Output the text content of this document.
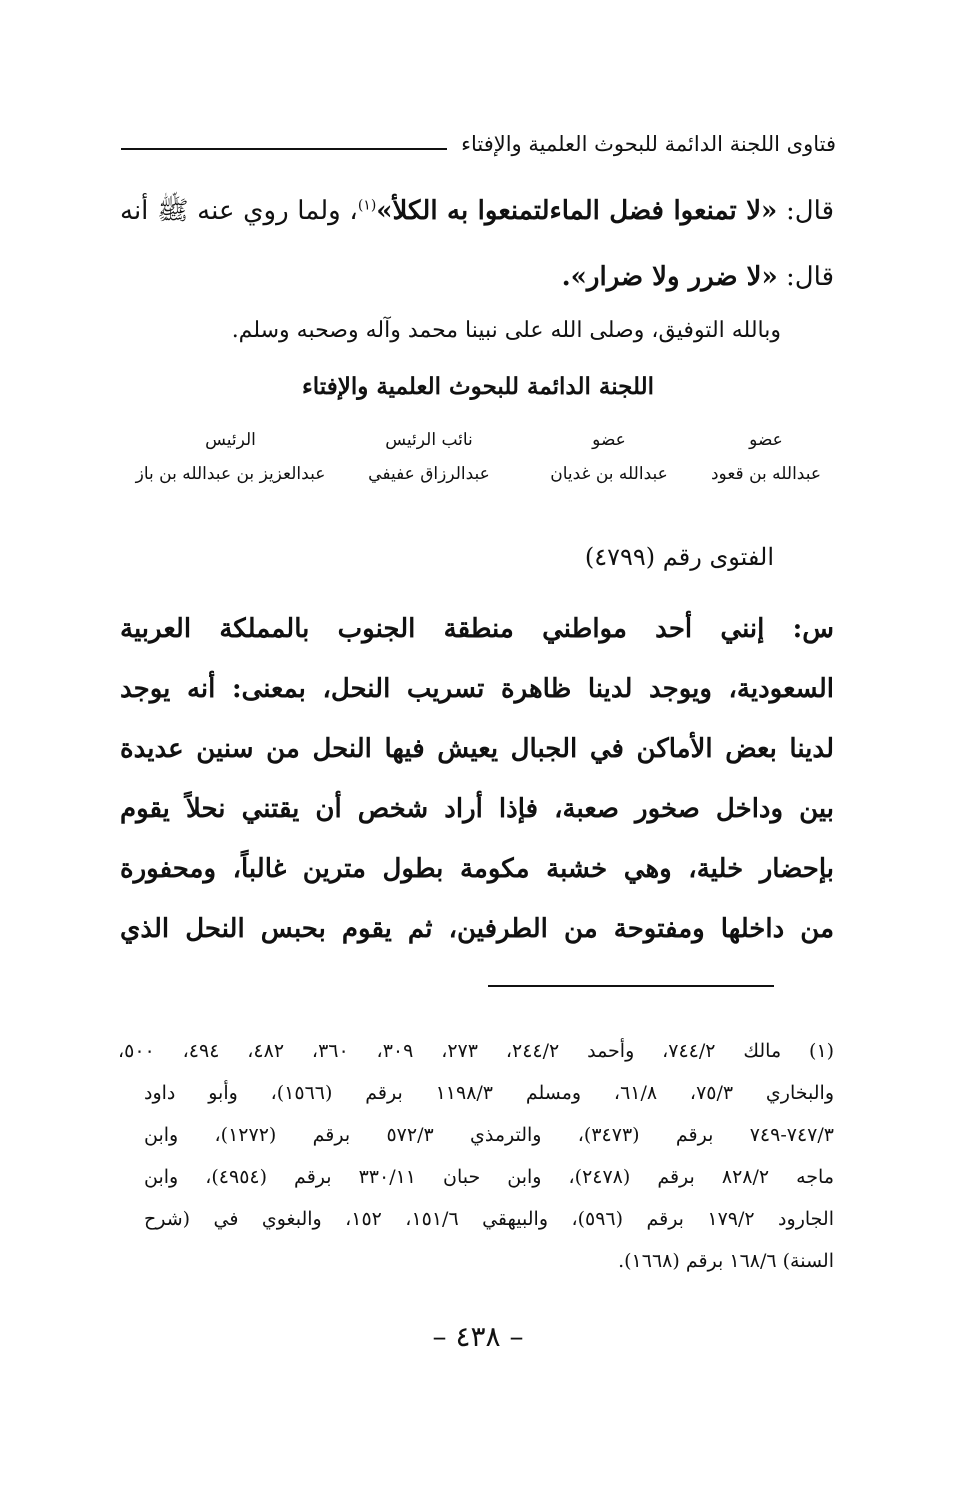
فتاوى اللجنة الدائمة للبحوث العلمية والإفتاء
قال: «لا تمنعوا فضل الماءلتمنعوا به الكلأ»$^{(١)}$، ولما روي عنه ﷺ أنه
قال: «لا ضرر ولا ضرار».
وبالله التوفيق، وصلى الله على نبينا محمد وآله وصحبه وسلم.
اللجنة الدائمة للبحوث العلمية والإفتاء
عضو
عبدالله بن قعود
عضو
عبدالله بن غديان
نائب الرئيس
عبدالرزاق عفيفي
الرئيس
عبدالعزيز بن عبدالله بن باز
الفتوى رقم (٤٧٩٩)
س: إنني أحد مواطني منطقة الجنوب بالمملكة العربية
السعودية، ويوجد لدينا ظاهرة تسريب النحل، بمعنى: أنه يوجد
لدينا بعض الأماكن في الجبال يعيش فيها النحل من سنين عديدة
بين وداخل صخور صعبة، فإذا أراد شخص أن يقتني نحلاً يقوم
بإحضار خلية، وهي خشبة مكومة بطول مترين غالباً، ومحفورة
من داخلها ومفتوحة من الطرفين، ثم يقوم بحبس النحل الذي
(١) مالك ٧٤٤/٢، وأحمد ٢٤٤/٢، ٢٧٣، ٣٠٩، ٣٦٠، ٤٨٢، ٤٩٤، ٥٠٠،
والبخاري ٧٥/٣، ٦١/٨، ومسلم ١١٩٨/٣ برقم (١٥٦٦)، وأبو داود
٧٤٧/٣-٧٤٩ برقم (٣٤٧٣)، والترمذي ٥٧٢/٣ برقم (١٢٧٢)، وابن
ماجه ٨٢٨/٢ برقم (٢٤٧٨)، وابن حبان ٣٣٠/١١ برقم (٤٩٥٤)، وابن
الجارود ١٧٩/٢ برقم (٥٩٦)، والبيهقي ١٥١/٦، ١٥٢، والبغوي في (شرح
السنة) ١٦٨/٦ برقم (١٦٦٨).
– ٤٣٨ –
